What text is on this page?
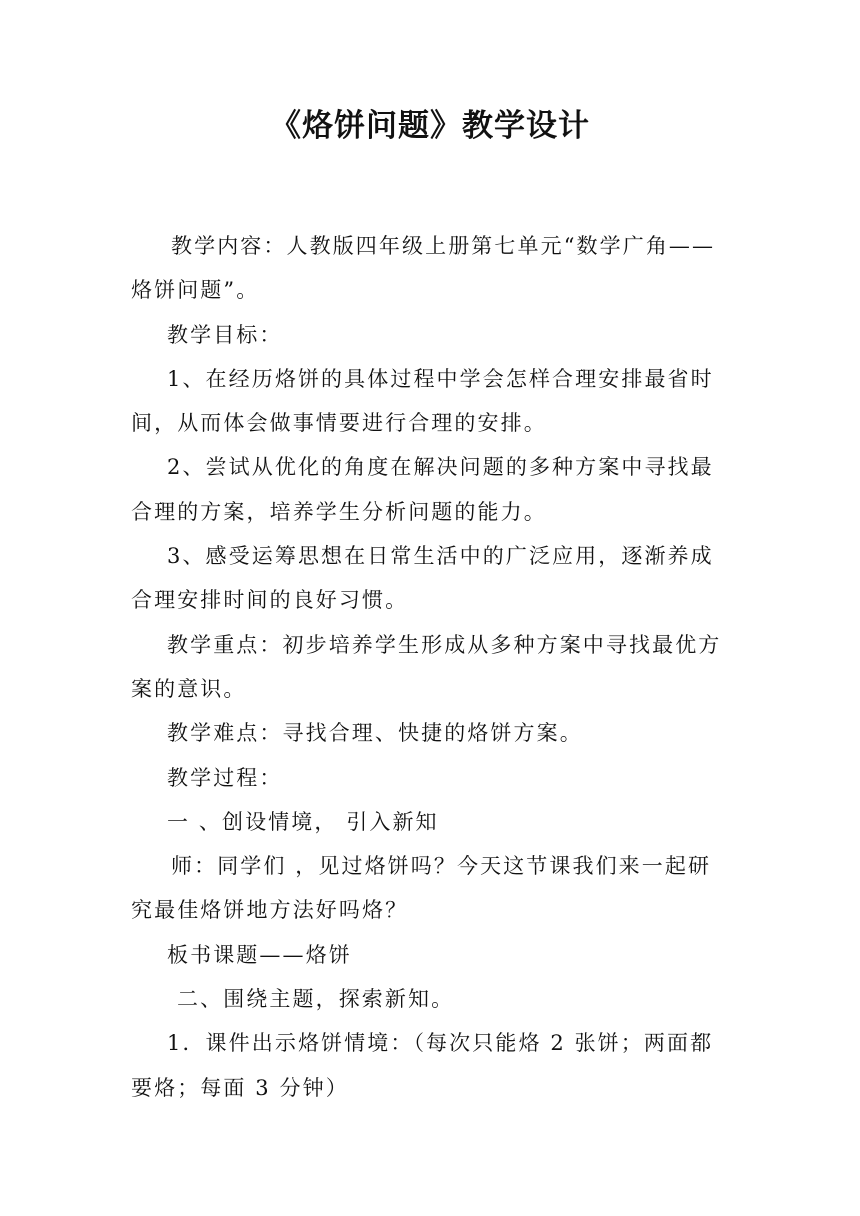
《烙饼问题》教学设计

教学内容：人教版四年级上册第七单元“数学广角——烙饼问题”。

教学目标：

1、在经历烙饼的具体过程中学会怎样合理安排最省时间，从而体会做事情要进行合理的安排。

2、尝试从优化的角度在解决问题的多种方案中寻找最合理的方案，培养学生分析问题的能力。

3、感受运筹思想在日常生活中的广泛应用，逐渐养成合理安排时间的良好习惯。

教学重点：初步培养学生形成从多种方案中寻找最优方案的意识。

教学难点：寻找合理、快捷的烙饼方案。

教学过程：

一 、创设情境， 引入新知

师：同学们 ，见过烙饼吗？今天这节课我们来一起研究最佳烙饼地方法好吗烙？

板书课题——烙饼

二、围绕主题，探索新知。

1．课件出示烙饼情境：（每次只能烙 2 张饼；两面都要烙；每面 3 分钟）
